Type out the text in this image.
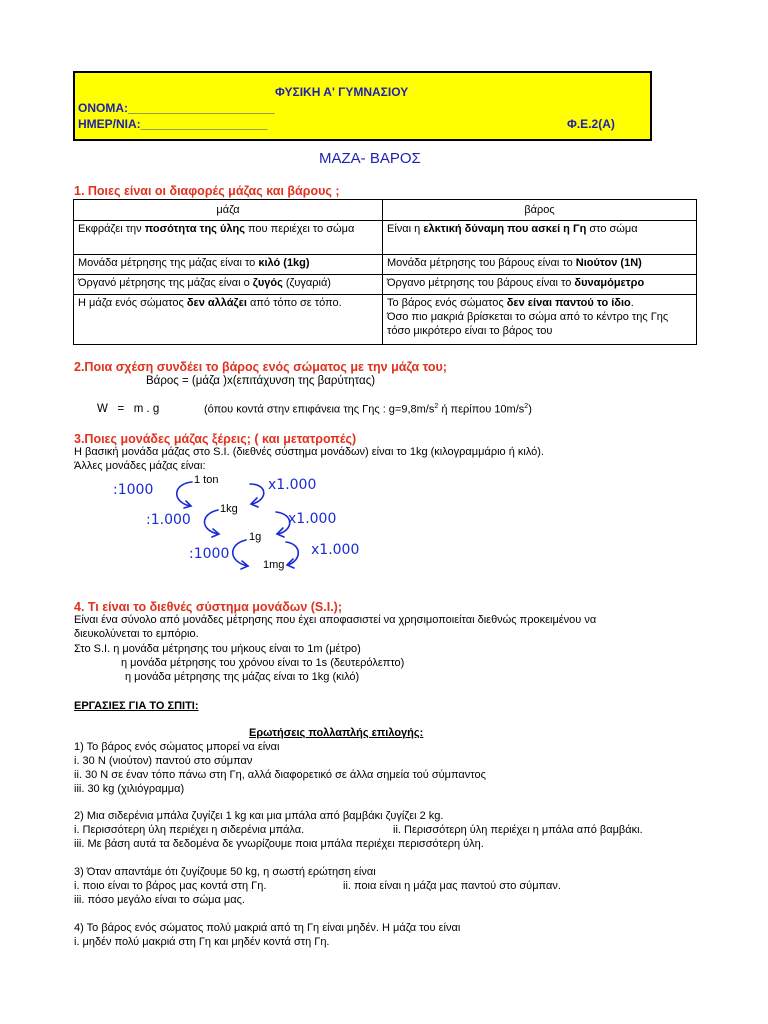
ΦΥΣΙΚΗ Α' ΓΥΜΝΑΣΙΟΥ
ΟΝΟΜΑ:______________________
ΗΜΕΡ/ΝΙΑ:___________________	Φ.Ε.2(Α)
ΜΑΖΑ- ΒΑΡΟΣ
1. Ποιες είναι οι διαφορές μάζας και βάρους ;
μάζα	βάρος
Εκφράζει την ποσότητα της ύλης που περιέχει το σώμα	Είναι η ελκτική δύναμη που ασκεί η Γη στο σώμα
Μονάδα μέτρησης της μάζας είναι το κιλό (1kg)	Μονάδα μέτρησης του βάρους είναι το Νιούτον (1Ν)
Όργανό μέτρησης της μάζας είναι ο ζυγός (ζυγαριά)	Όργανο μέτρησης του βάρους είναι το δυναμόμετρο
Η μάζα ενός σώματος δεν αλλάζει από τόπο σε τόπο.	Το βάρος ενός σώματος δεν είναι παντού το ίδιο.
Όσο πιο μακριά βρίσκεται το σώμα από το κέντρο της Γης τόσο μικρότερο είναι το βάρος του
2.Ποια σχέση συνδέει το βάρος ενός σώματος με την μάζα του;
Βάρος = (μάζα )x(επιτάχυνση της βαρύτητας)
W   =   m . g	(όπου κοντά στην επιφάνεια της Γης : $g=9,8m/s^2$ ή περίπου $10m/s^2$)
3.Ποιες μονάδες μάζας ξέρεις; ( και μετατροπές)
Η βασική μονάδα μάζας στο S.I. (διεθνές σύστημα μονάδων) είναι το 1kg (κιλογραμμάριο ή κιλό).
Άλλες μονάδες μάζας είναι:
1 ton
1kg
1g
1mg
:1000
:1.000
:1000
x1.000
x1.000
x1.000
4. Τι είναι το διεθνές σύστημα μονάδων (S.I.);
Είναι ένα σύνολο από μονάδες μέτρησης που έχει αποφασιστεί να χρησιμοποιείται διεθνώς προκειμένου να
διευκολύνεται το εμπόριο.
Στο S.I. η μονάδα μέτρησης του μήκους είναι το 1m (μέτρο)
η μονάδα μέτρησης του χρόνου είναι το 1s (δευτερόλεπτο)
η μονάδα μέτρησης της μάζας είναι το 1kg (κιλό)
ΕΡΓΑΣΙΕΣ ΓΙΑ ΤΟ ΣΠΙΤΙ:
Ερωτήσεις πολλαπλής επιλογής:
1) Το βάρος ενός σώματος μπορεί να είναι
i. 30 Ν (νιούτον) παντού στο σύμπαν
ii. 30 Ν σε έναν τόπο πάνω στη Γη, αλλά διαφορετικό σε άλλα σημεία τού σύμπαντος
iii. 30 kg (χιλιόγραμμα)
2) Μια σιδερένια μπάλα ζυγίζει 1 kg και μια μπάλα από βαμβάκι ζυγίζει 2 kg.
i. Περισσότερη ύλη περιέχει η σιδερένια μπάλα.	ii. Περισσότερη ύλη περιέχει η μπάλα από βαμβάκι.
iii. Με βάση αυτά τα δεδομένα δε γνωρίζουμε ποια μπάλα περιέχει περισσότερη ύλη.
3) Όταν απαντάμε ότι ζυγίζουμε 50 kg, η σωστή ερώτηση είναι
i. ποιο είναι το βάρος μας κοντά στη Γη.	ii. ποια είναι η μάζα μας παντού στο σύμπαν.
iii. πόσο μεγάλο είναι το σώμα μας.
4) Το βάρος ενός σώματος πολύ μακριά από τη Γη είναι μηδέν. Η μάζα του είναι
i. μηδέν πολύ μακριά στη Γη και μηδέν κοντά στη Γη.
